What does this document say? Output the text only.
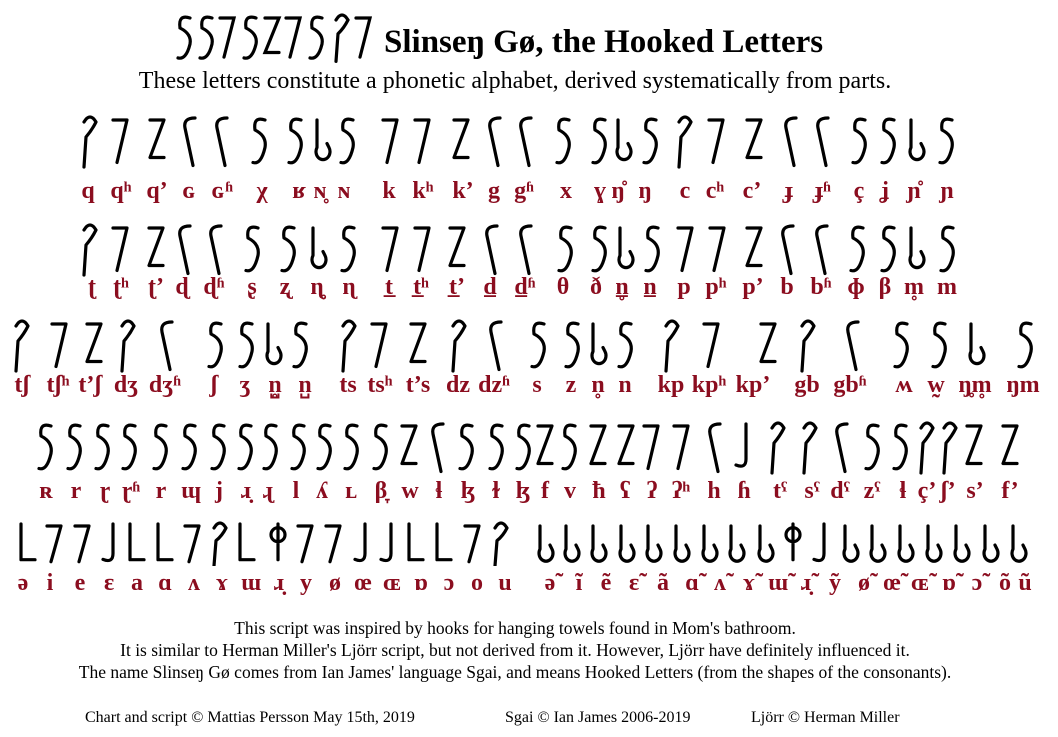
Slinseŋ Gø, the Hooked Letters
These letters constitute a phonetic alphabet, derived systematically from parts.
q qʰ q’ ɢ ɢʱ χ ʁ ɴ̥ ɴ k kʰ k’ g gʱ x ɣ ŋ̊ ŋ c cʰ c’ ɟ ɟʱ ç ʝ ɲ̊ ɲ
ʈ ʈʰ ʈ’ ɖ ɖʱ ʂ ʐ ɳ̥ ɳ t̲ t̲ʰ t̲’ d̲ d̲ʱ θ ð n̲̥ n̲ p pʰ p’ b bʱ ɸ β m̥ m
tʃ tʃʰ t’ʃ dʒ dʒʱ ʃ ʒ n̺̥ n̺ ts tsʰ t’s dz dzʱ s z n̥ n kp kpʰ kp’ gb gbʱ ʍ w̰ ŋ̥m̥ ŋm
ʀ r ɽ ɽʱ r ɰ j ɹ̣ ɻ l ʎ ʟ β̞ w ɬ ɮ ɫ ɮ f v ħ ʕ ʔ ʔʰ h ɦ tˤ sˤ dˤ zˤ ɬ ç’ ʃ’ s’ f’
ə i e ɛ a ɑ ʌ ɤ ɯ ɹ̣ y ø œ ɶ ɒ ɔ o u ə̃ ĩ ẽ ɛ̃ ã ɑ̃ ʌ̃ ɤ̃ ɯ̃ ɹ̣̃ ỹ ø̃ œ̃ ɶ̃ ɒ̃ ɔ̃ õ ũ
This script was inspired by hooks for hanging towels found in Mom's bathroom.
It is similar to Herman Miller's Ljörr script, but not derived from it. However, Ljörr have definitely influenced it.
The name Slinseŋ Gø comes from Ian James' language Sgai, and means Hooked Letters (from the shapes of the consonants).
Chart and script © Mattias Persson May 15th, 2019	Sgai © Ian James 2006-2019	Ljörr © Herman Miller
